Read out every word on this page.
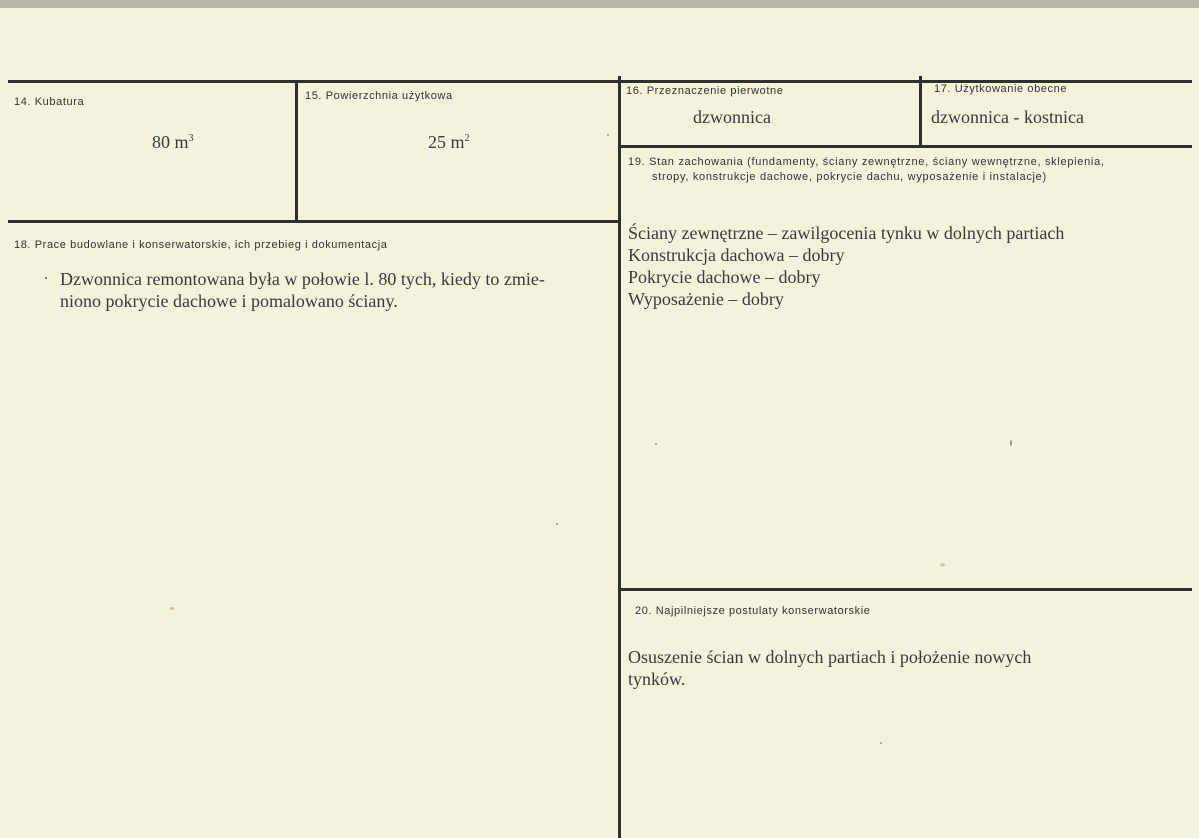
14. Kubatura
80 $m^3$
15. Powierzchnia użytkowa
25 $m^2$
16. Przeznaczenie pierwotne
dzwonnica
17. Użytkowanie obecne
dzwonnica - kostnica
18. Prace budowlane i konserwatorskie, ich przebieg i dokumentacja
. Dzwonnica remontowana była w połowie l. 80 tych, kiedy to zmie-
niono pokrycie dachowe i pomalowano ściany.
19. Stan zachowania (fundamenty, ściany zewnętrzne, ściany wewnętrzne, sklepienia,
stropy, konstrukcje dachowe, pokrycie dachu, wyposażenie i instalacje)
Ściany zewnętrzne – zawilgocenia tynku w dolnych partiach
Konstrukcja dachowa – dobry
Pokrycie dachowe – dobry
Wyposażenie – dobry
20. Najpilniejsze postulaty konserwatorskie
Osuszenie ścian w dolnych partiach i położenie nowych
tynków.
